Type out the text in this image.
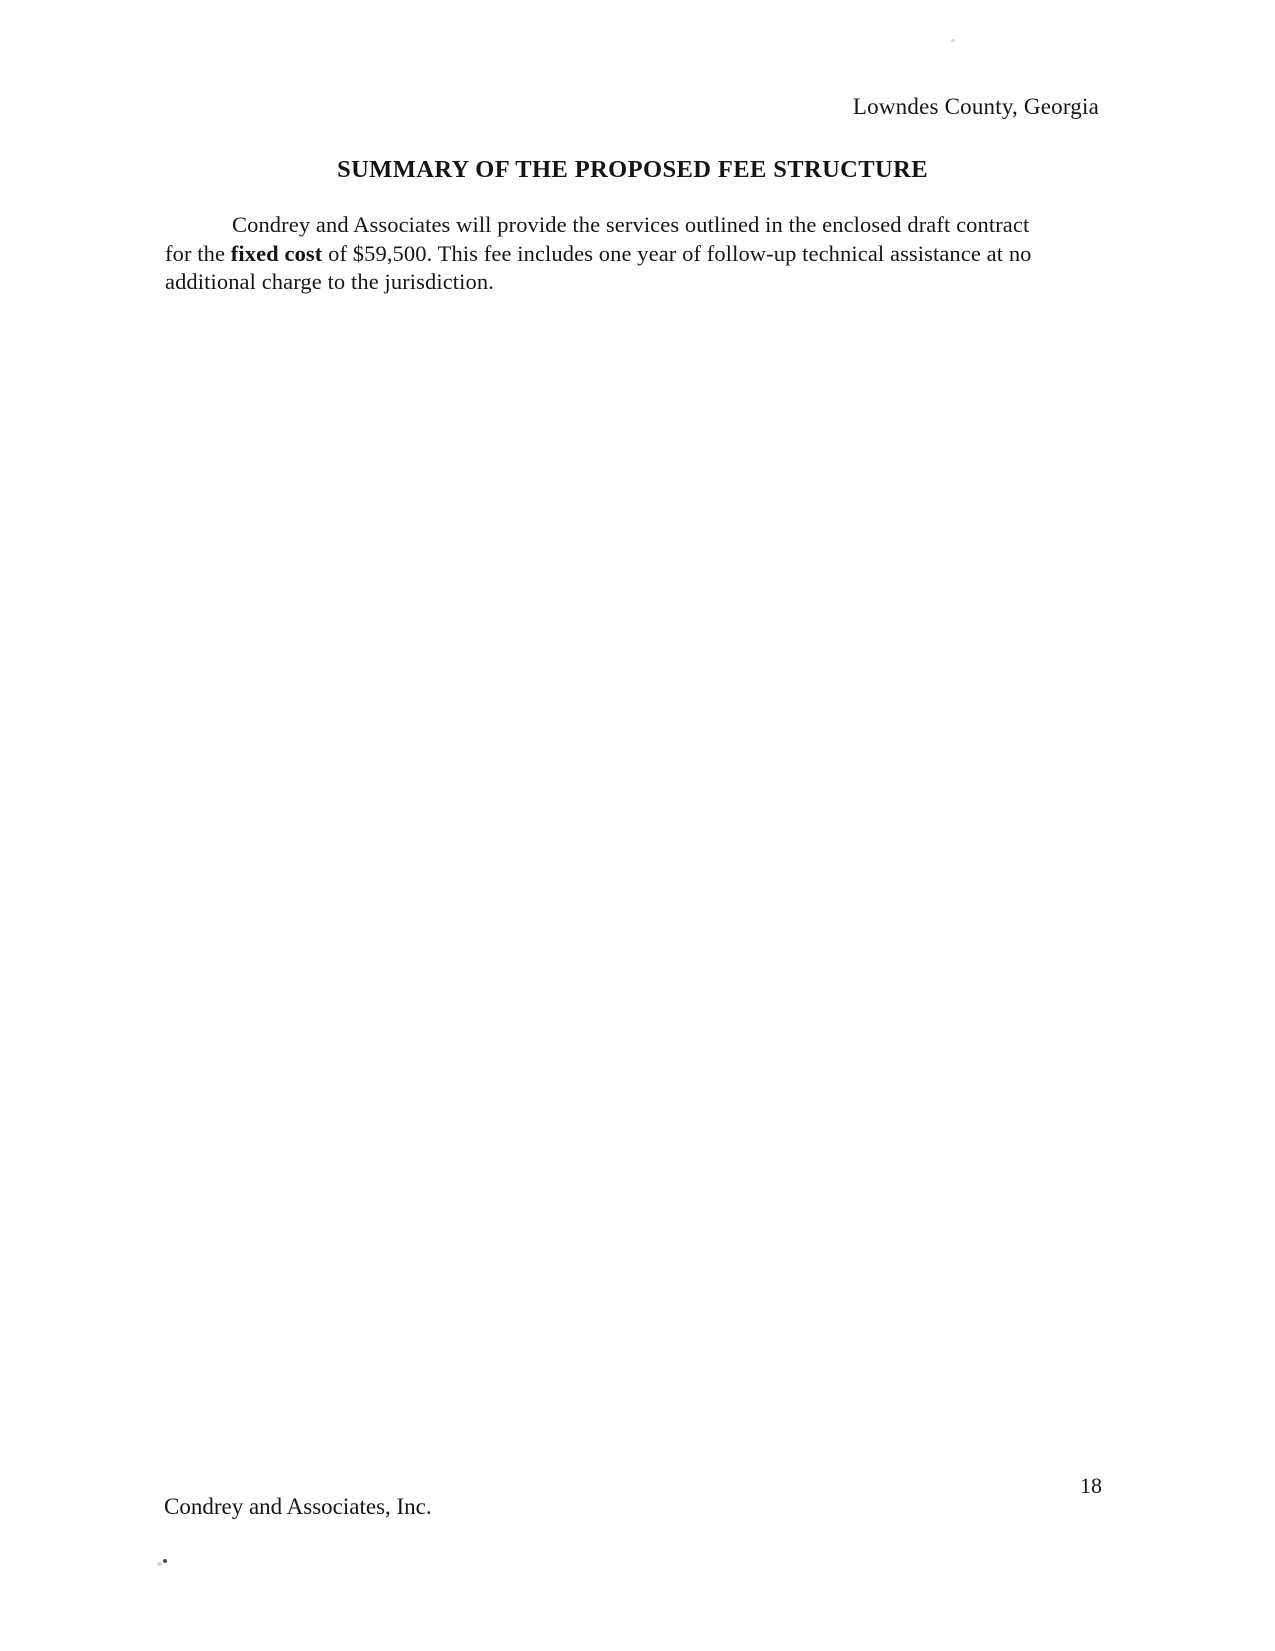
Lowndes County, Georgia
SUMMARY OF THE PROPOSED FEE STRUCTURE
Condrey and Associates will provide the services outlined in the enclosed draft contract
for the fixed cost of $59,500. This fee includes one year of follow-up technical assistance at no
additional charge to the jurisdiction.
18
Condrey and Associates, Inc.
